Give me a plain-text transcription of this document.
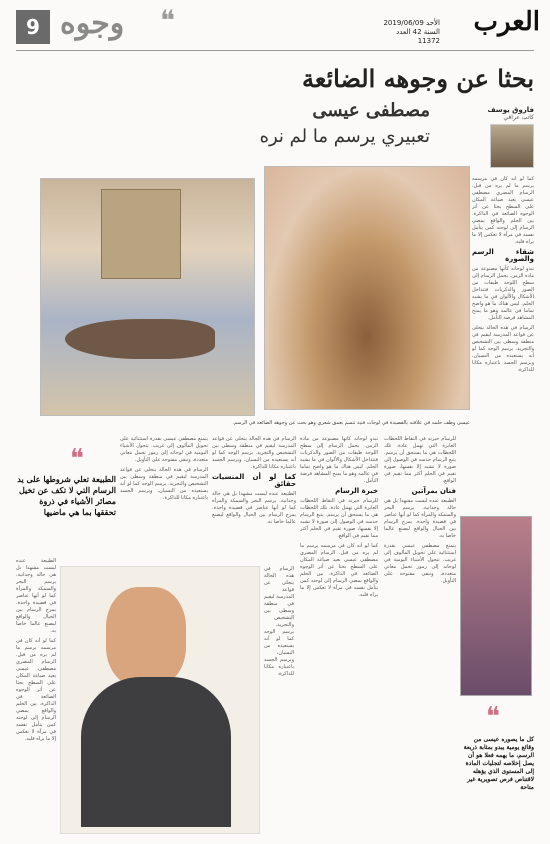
العرب
الأحد 2019/06/09
السنة 42 العدد 11372
وجوه ❝
9
بحثا عن وجوهه الضائعة
مصطفى عيسى
تعبيري يرسم ما لم نره
فاروق يوسف
كاتب عراقي

كما لو أنه كان في مرسمه يرسم ما لم يره من قبل. الرسام المصري مصطفى عيسى يعيد صياغة المكان على السطح بحثا عن أثر الوجوه الضائعة في الذاكرة. بين الحلم والواقع يمضي الرسام إلى لوحته كمن يتأمل نفسه في مرآة لا تعكس إلا ما يراه قلبه.

شقاء الرسم والصورة

تبدو لوحاته كأنها مصنوعة من مادة الزمن. يحمل الرسام إلى سطح اللوحة طبقات من الصور والذكريات فتتداخل الأشكال والألوان في ما يشبه الحلم. ليس هناك ما هو واضح تماما في عالمه وهو ما يمنح المشاهد فرصة التأمل.

الرسام في هذه الحالة يتخلى عن قواعد المدرسة ليقيم في منطقة وسطى بين التشخيص والتجريد. يرسم الوجه كما لو أنه يستعيده من النسيان، ويرسم الجسد باعتباره مكانا للذاكرة.

عيسى وظف حلمه في علاقته بالقصيدة في لوحات فنية تتسم بعمق شعري وهو بحث عن وجوهه الضائعة في الرسم.

للرسام خبرته في التقاط اللحظات العابرة التي تهمل عادة. تلك اللحظات هي ما يستحق أن يرسم. يتبع الرسام حدسه في الوصول إلى صورة لا تشبه إلا نفسها، صورة تقيم في الحلم أكثر مما تقيم في الواقع.

فنان بمرآتين

الطبيعة عنده ليست مشهدا بل هي حالة وجدانية. يرسم البحر والسمكة والمرأة كما لو أنها عناصر في قصيدة واحدة. يمزج الرسام بين الخيال والواقع ليصنع عالما خاصا به.

يتمتع مصطفى عيسى بقدرة استثنائية على تحويل المألوف إلى غريب. تتحول الأشياء اليومية في لوحاته إلى رموز تحمل معاني متعددة، وتبقى مفتوحة على التأويل.

تبدو لوحاته كأنها مصنوعة من مادة الزمن. يحمل الرسام إلى سطح اللوحة طبقات من الصور والذكريات فتتداخل الأشكال والألوان في ما يشبه الحلم. ليس هناك ما هو واضح تماما في عالمه وهو ما يمنح المشاهد فرصة التأمل.

خبرة الرسام

للرسام خبرته في التقاط اللحظات العابرة التي تهمل عادة. تلك اللحظات هي ما يستحق أن يرسم. يتبع الرسام حدسه في الوصول إلى صورة لا تشبه إلا نفسها، صورة تقيم في الحلم أكثر مما تقيم في الواقع.

كما لو أنه كان في مرسمه يرسم ما لم يره من قبل. الرسام المصري مصطفى عيسى يعيد صياغة المكان على السطح بحثا عن أثر الوجوه الضائعة في الذاكرة. بين الحلم والواقع يمضي الرسام إلى لوحته كمن يتأمل نفسه في مرآة لا تعكس إلا ما يراه قلبه.

الرسام في هذه الحالة يتخلى عن قواعد المدرسة ليقيم في منطقة وسطى بين التشخيص والتجريد. يرسم الوجه كما لو أنه يستعيده من النسيان، ويرسم الجسد باعتباره مكانا للذاكرة.

كما لو أن المنسيات حقائق

الطبيعة عنده ليست مشهدا بل هي حالة وجدانية. يرسم البحر والسمكة والمرأة كما لو أنها عناصر في قصيدة واحدة. يمزج الرسام بين الخيال والواقع ليصنع عالما خاصا به.

يتمتع مصطفى عيسى بقدرة استثنائية على تحويل المألوف إلى غريب. تتحول الأشياء اليومية في لوحاته إلى رموز تحمل معاني متعددة، وتبقى مفتوحة على التأويل.

الرسام في هذه الحالة يتخلى عن قواعد المدرسة ليقيم في منطقة وسطى بين التشخيص والتجريد. يرسم الوجه كما لو أنه يستعيده من النسيان، ويرسم الجسد باعتباره مكانا للذاكرة.

❝
الطبيعة تعلي شروطها على يد الرسام التي لا تكف عن تخيل مصائر الأشياء في ذروة تحققها بما هي ماضيها

الطبيعة عنده ليست مشهدا بل هي حالة وجدانية. يرسم البحر والسمكة والمرأة كما لو أنها عناصر في قصيدة واحدة. يمزج الرسام بين الخيال والواقع ليصنع عالما خاصا به.

كما لو أنه كان في مرسمه يرسم ما لم يره من قبل. الرسام المصري مصطفى عيسى يعيد صياغة المكان على السطح بحثا عن أثر الوجوه الضائعة في الذاكرة. بين الحلم والواقع يمضي الرسام إلى لوحته كمن يتأمل نفسه في مرآة لا تعكس إلا ما يراه قلبه.

الرسام في هذه الحالة يتخلى عن قواعد المدرسة ليقيم في منطقة وسطى بين التشخيص والتجريد. يرسم الوجه كما لو أنه يستعيده من النسيان، ويرسم الجسد باعتباره مكانا للذاكرة.

❝
كل ما يصوره عيسى من وقائع يومية يبدو بمثابة ذريعة الرسم، ما يهمه فعلا هو أن يصل إخلاصه لتجليات المادة إلى المستوى الذي يؤهله لاقتناص فرص تصويرية غير متاحة
